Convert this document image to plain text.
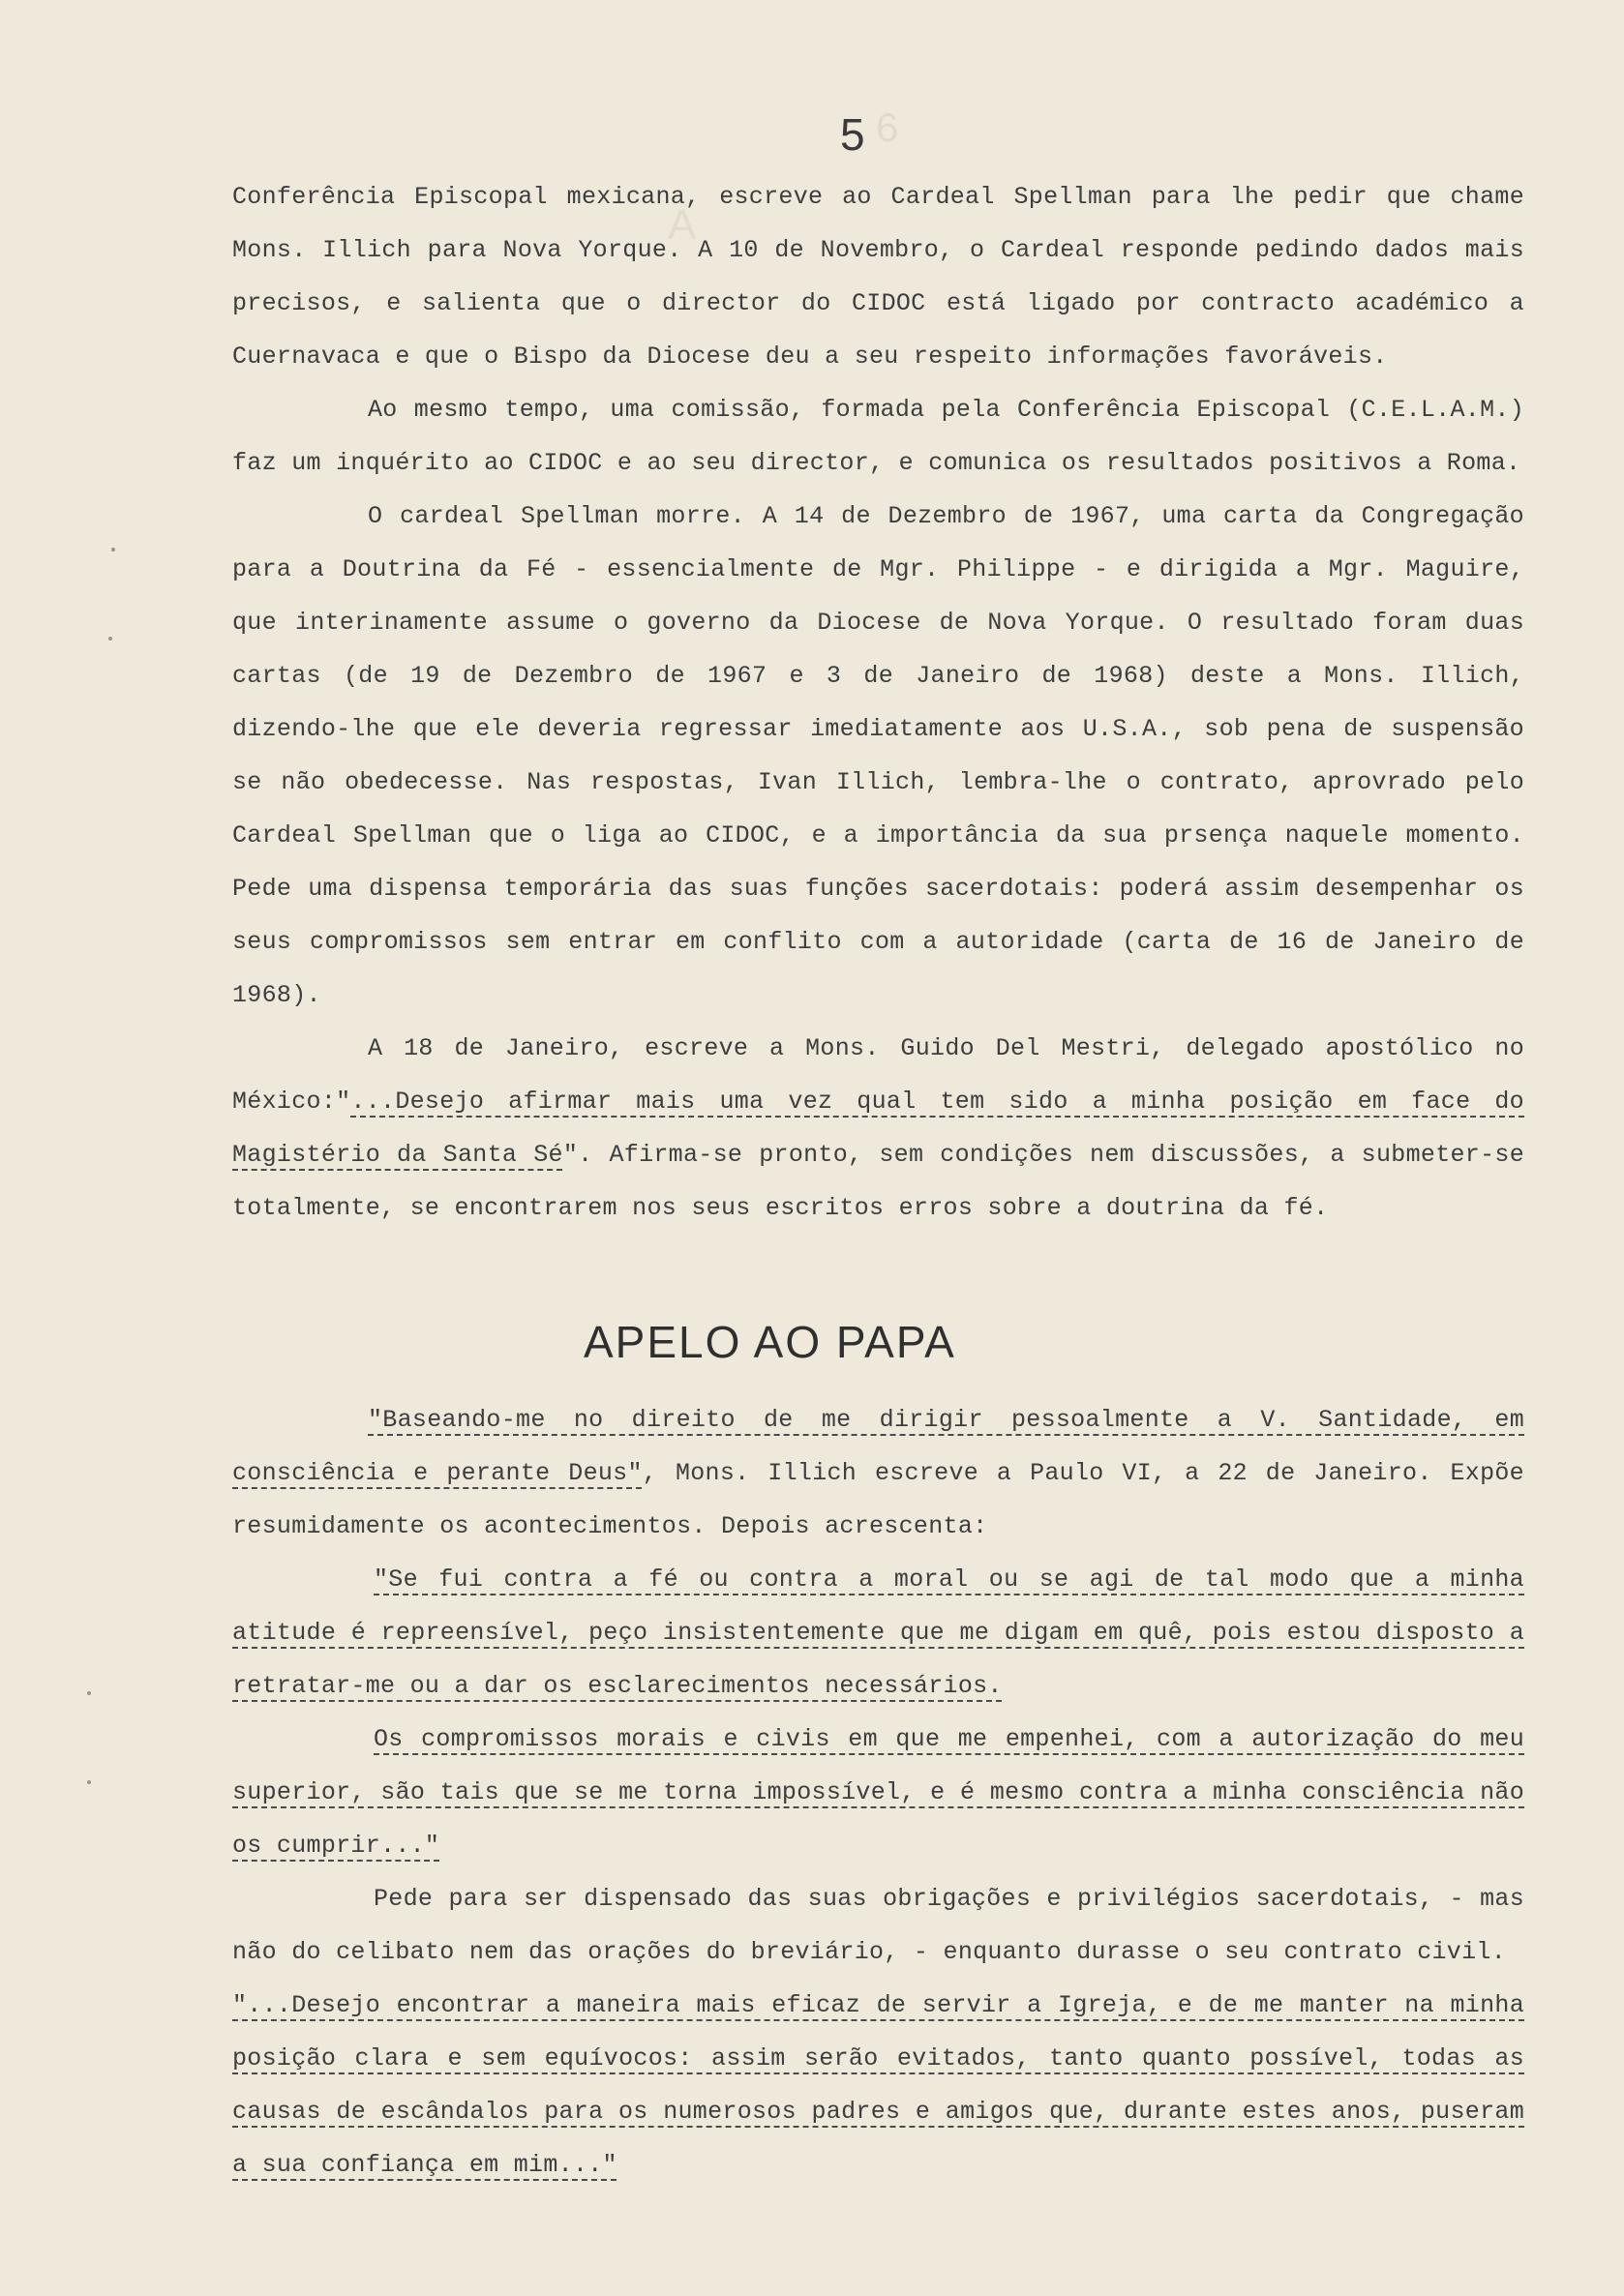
6
A

5

Conferência Episcopal mexicana, escreve ao Cardeal Spellman para lhe pedir que chame Mons. Illich para Nova Yorque. A 10 de Novembro, o Cardeal responde pedindo dados mais precisos, e salienta que o director do CIDOC está ligado por contracto académico a Cuernavaca e que o Bispo da Diocese deu a seu respeito informações favoráveis.

Ao mesmo tempo, uma comissão, formada pela Conferência Episcopal (C.E.L.A.M.) faz um inquérito ao CIDOC e ao seu director, e comunica os resultados positivos a Roma.

O cardeal Spellman morre. A 14 de Dezembro de 1967, uma carta da Congregação para a Doutrina da Fé - essencialmente de Mgr. Philippe - e dirigida a Mgr. Maguire, que interinamente assume o governo da Diocese de Nova Yorque. O resultado foram duas cartas (de 19 de Dezembro de 1967 e 3 de Janeiro de 1968) deste a Mons. Illich, dizendo-lhe que ele deveria regressar imediatamente aos U.S.A., sob pena de suspensão se não obedecesse. Nas respostas, Ivan Illich, lembra-lhe o contrato, aprovrado pelo Cardeal Spellman que o liga ao CIDOC, e a importância da sua prsença naquele momento. Pede uma dispensa temporária das suas funções sacerdotais: poderá assim desempenhar os seus compromissos sem entrar em conflito com a autoridade (carta de 16 de Janeiro de 1968).

A 18 de Janeiro, escreve a Mons. Guido Del Mestri, delegado apostólico no México:"...Desejo afirmar mais uma vez qual tem sido a minha posição em face do Magistério da Santa Sé". Afirma-se pronto, sem condições nem discussões, a submeter-se totalmente, se encontrarem nos seus escritos erros sobre a doutrina da fé.

APELO AO PAPA

"Baseando-me no direito de me dirigir pessoalmente a V. Santidade, em consciência e perante Deus", Mons. Illich escreve a Paulo VI, a 22 de Janeiro. Expõe resumidamente os acontecimentos. Depois acrescenta:

"Se fui contra a fé ou contra a moral ou se agi de tal modo que a minha atitude é repreensível, peço insistentemente que me digam em quê, pois estou disposto a retratar-me ou a dar os esclarecimentos necessários.

Os compromissos morais e civis em que me empenhei, com a autorização do meu superior, são tais que se me torna impossível, e é mesmo contra a minha consciência não os cumprir..."

Pede para ser dispensado das suas obrigações e privilégios sacerdotais, - mas não do celibato nem das orações do breviário, - enquanto durasse o seu contrato civil.

"...Desejo encontrar a maneira mais eficaz de servir a Igreja, e de me manter na minha posição clara e sem equívocos: assim serão evitados, tanto quanto possível, todas as causas de escândalos para os numerosos padres e amigos que, durante estes anos, puseram a sua confiança em mim..."
